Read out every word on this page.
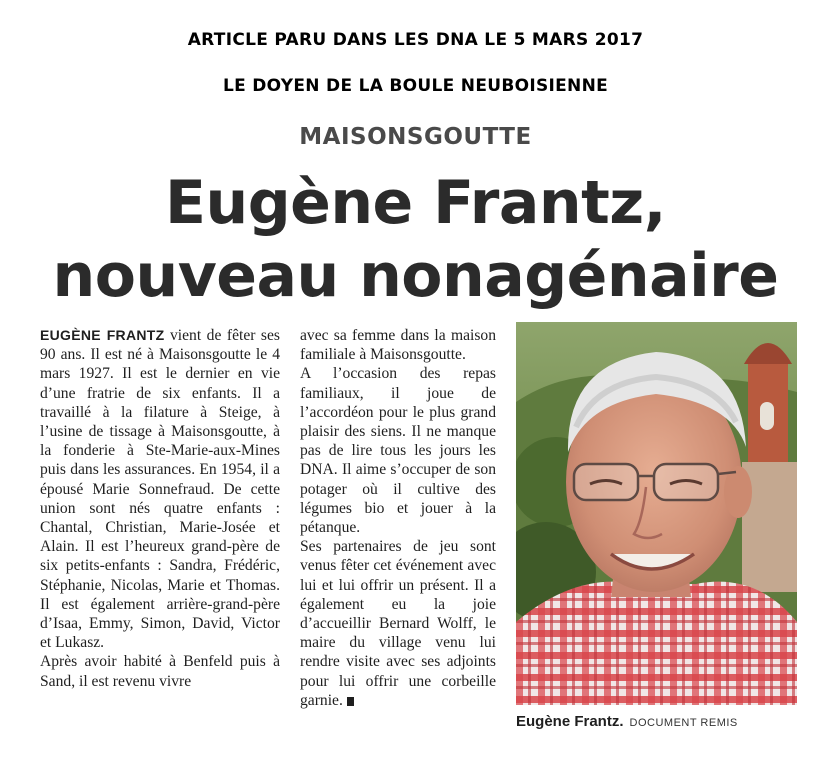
ARTICLE PARU DANS LES DNA LE 5 MARS 2017
LE DOYEN DE LA BOULE NEUBOISIENNE
MAISONSGOUTTE
Eugène Frantz,
nouveau nonagénaire

EUGÈNE FRANTZ vient de fêter ses 90 ans. Il est né à Maisonsgoutte le 4 mars 1927. Il est le dernier en vie d’une fratrie de six enfants. Il a travaillé à la filature à Steige, à l’usine de tissage à Maisonsgoutte, à la fonderie à Ste-Marie-aux-Mines puis dans les assurances. En 1954, il a épousé Marie Sonnefraud. De cette union sont nés quatre enfants : Chantal, Christian, Marie-Josée et Alain. Il est l’heureux grand-père de six petits-enfants : Sandra, Frédéric, Stéphanie, Nicolas, Marie et Thomas. Il est également arrière-grand-père d’Isaa, Emmy, Simon, David, Victor et Lukasz.

Après avoir habité à Benfeld puis à Sand, il est revenu vivre

avec sa femme dans la maison familiale à Maisonsgoutte.

A l’occasion des repas familiaux, il joue de l’accordéon pour le plus grand plaisir des siens. Il ne manque pas de lire tous les jours les DNA. Il aime s’occuper de son potager où il cultive des légumes bio et jouer à la pétanque.

Ses partenaires de jeu sont venus fêter cet événement avec lui et lui offrir un présent. Il a également eu la joie d’accueillir Bernard Wolff, le maire du village venu lui rendre visite avec ses adjoints pour lui offrir une corbeille garnie.

Eugène Frantz. DOCUMENT REMIS
